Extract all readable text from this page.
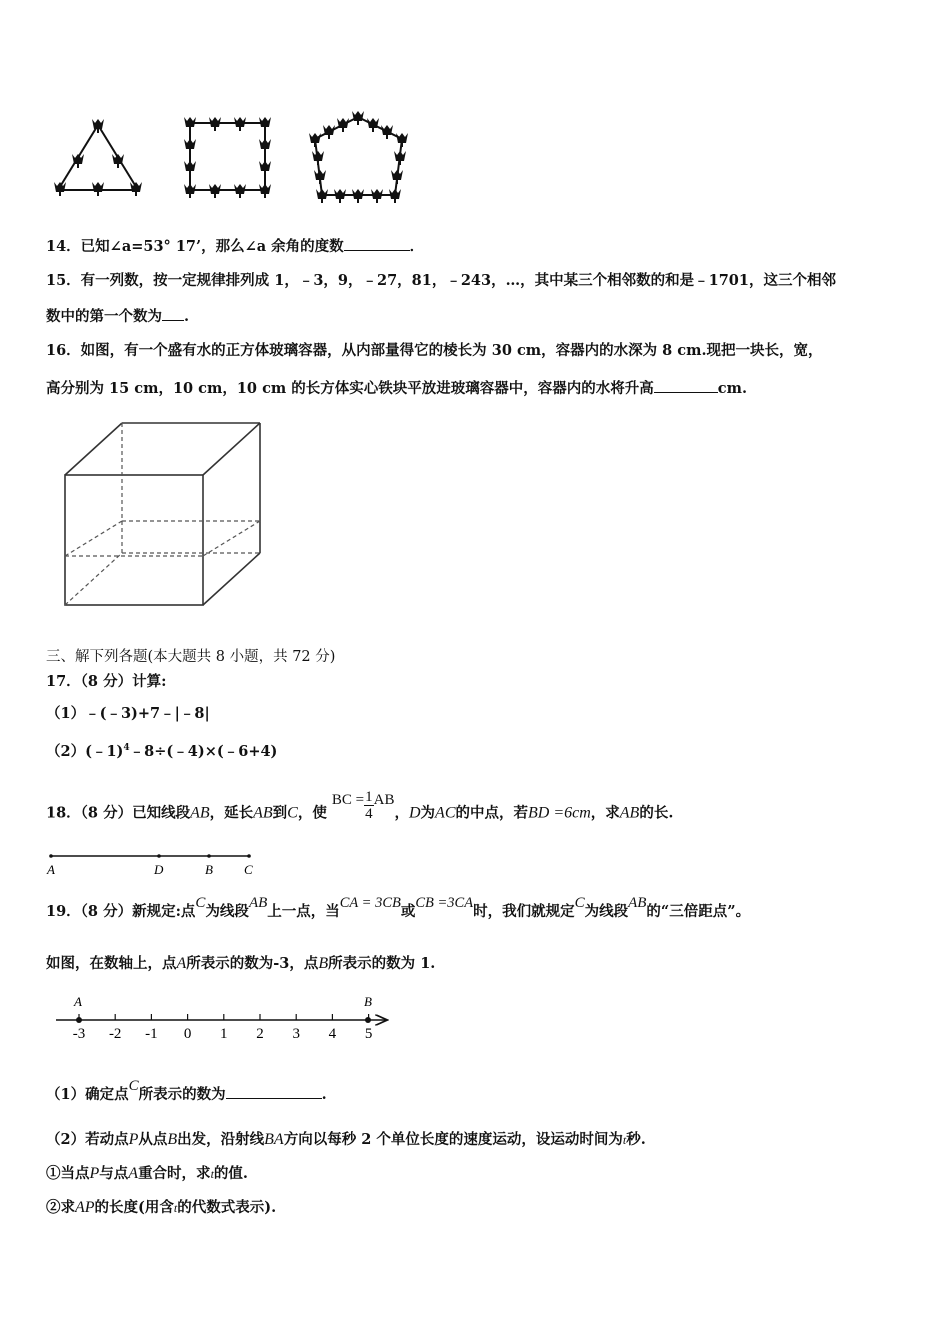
14．已知∠a=53° 17’，那么∠a 余角的度数	．
15．有一列数，按一定规律排列成 1，﹣3，9，﹣27，81，﹣243，…，其中某三个相邻数的和是﹣1701，这三个相邻
数中的第一个数为 .
16．如图，有一个盛有水的正方体玻璃容器，从内部量得它的棱长为 30 cm，容器内的水深为 8 cm.现把一块长，宽，
高分别为 15 cm，10 cm，10 cm 的长方体实心铁块平放进玻璃容器中，容器内的水将升高	cm.
三、解下列各题(本大题共 8 小题，共 72 分)
17．（8 分）计算:
（1）﹣(﹣3)+7﹣|﹣8|
（2）(﹣1)$^4$﹣8÷(﹣4)×(﹣6+4)
18．（8 分）已知线段AB，延长AB到C，使 BC = $\frac{1}{4}$ AB，D为AC的中点，若BD =6cm，求AB的长.
A	D	B C
19．（8 分）新规定:点C为线段AB上一点，当CA = 3CB或CB =3CA时，我们就规定C为线段AB的“三倍距点”。
如图，在数轴上，点A所表示的数为-3，点B所表示的数为 1.
-3 -2 -1 0 1 2 3 4 5
A	B
（1）确定点C所表示的数为	.
（2）若动点P从点B出发，沿射线BA方向以每秒 2 个单位长度的速度运动，设运动时间为t秒.
①当点P与点A重合时，求t的值.
②求AP的长度(用含t的代数式表示).
